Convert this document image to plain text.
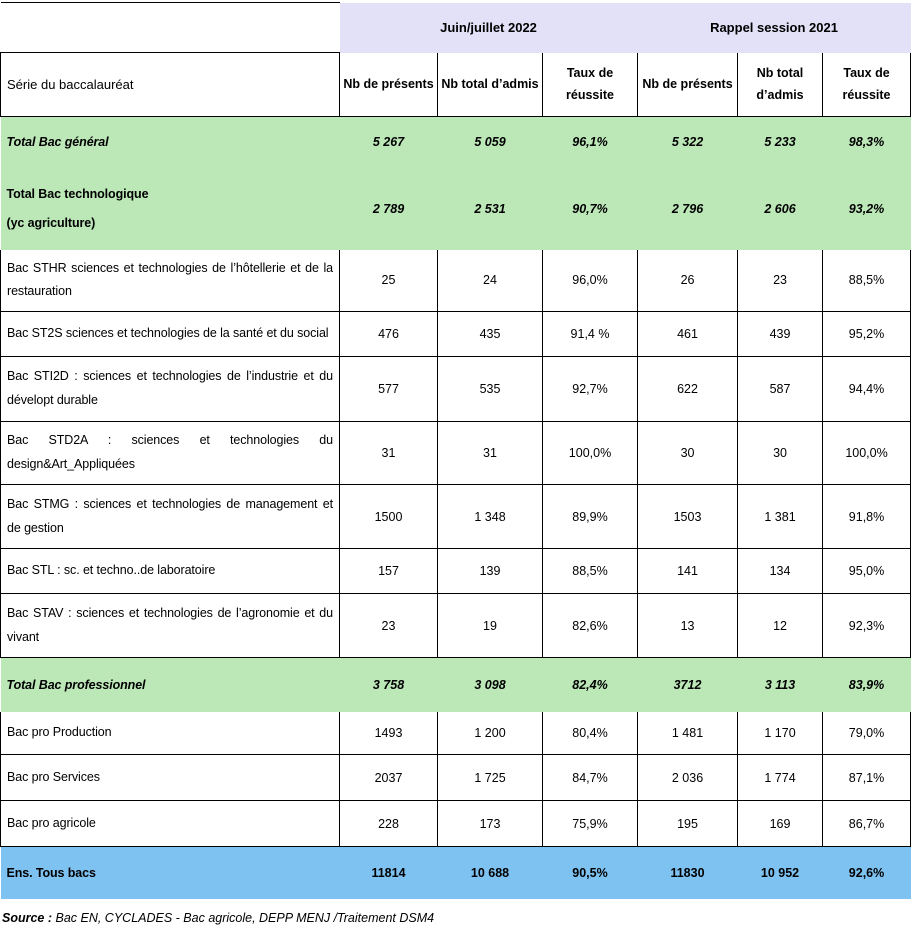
	Juin/juillet 2022			Rappel session 2021		
Série du baccalauréat	Nb de présents	Nb total d’admis	Taux de réussite	Nb de présents	Nb total d’admis	Taux de réussite
Total Bac général	5 267	5 059	96,1%	5 322	5 233	98,3%

Total Bac technologique
(yc agriculture)	2 789	2 531	90,7%	2 796	2 606	93,2%
Bac STHR sciences et technologies de l’hôtellerie et de la restauration	25	24	96,0%	26	23	88,5%
Bac ST2S sciences et technologies de la santé et du social	476	435	91,4 %	461	439	95,2%
Bac STI2D : sciences et technologies de l’industrie et du dévelopt durable	577	535	92,7%	622	587	94,4%
Bac STD2A : sciences et technologies du design&Art_Appliquées	31	31	100,0%	30	30	100,0%
Bac STMG : sciences et technologies de management et de gestion	1500	1 348	89,9%	1503	1 381	91,8%
Bac STL : sc. et techno..de laboratoire	157	139	88,5%	141	134	95,0%
Bac STAV : sciences et technologies de l’agronomie et du vivant	23	19	82,6%	13	12	92,3%
Total Bac professionnel	3 758	3 098	82,4%	3712	3 113	83,9%
Bac pro Production	1493	1 200	80,4%	1 481	1 170	79,0%
Bac pro Services	2037	1 725	84,7%	2 036	1 774	87,1%
Bac pro agricole	228	173	75,9%	195	169	86,7%
Ens. Tous bacs	11814	10 688	90,5%	11830	10 952	92,6%

Source : Bac EN, CYCLADES - Bac agricole, DEPP MENJ /Traitement DSM4
